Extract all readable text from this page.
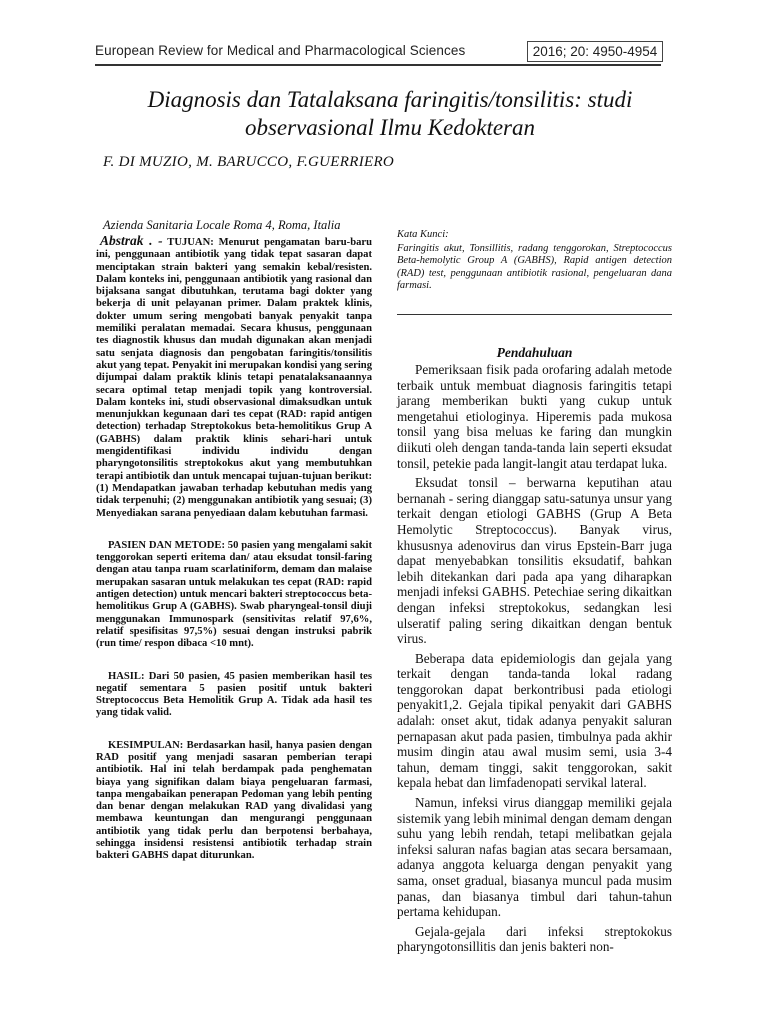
European Review for Medical and Pharmacological Sciences	2016; 20: 4950-4954
Diagnosis dan Tatalaksana faringitis/tonsilitis: studi observasional Ilmu Kedokteran
F. DI MUZIO, M. BARUCCO, F.GUERRIERO
Azienda Sanitaria Locale Roma 4, Roma, Italia

Abstrak . - TUJUAN: Menurut pengamatan baru-baru ini, penggunaan antibiotik yang tidak tepat sasaran dapat menciptakan strain bakteri yang semakin kebal/resisten. Dalam konteks ini, penggunaan antibiotik yang rasional dan bijaksana sangat dibutuhkan, terutama bagi dokter yang bekerja di unit pelayanan primer. Dalam praktek klinis, dokter umum sering mengobati banyak penyakit tanpa memiliki peralatan memadai. Secara khusus, penggunaan tes diagnostik khusus dan mudah digunakan akan menjadi satu senjata diagnosis dan pengobatan faringitis/tonsilitis akut yang tepat. Penyakit ini merupakan kondisi yang sering dijumpai dalam praktik klinis tetapi penatalaksanaannya secara optimal tetap menjadi topik yang kontroversial. Dalam konteks ini, studi observasional dimaksudkan untuk menunjukkan kegunaan dari tes cepat (RAD: rapid antigen detection) terhadap Streptokokus beta-hemolitikus Grup A (GABHS) dalam praktik klinis sehari-hari untuk mengidentifikasi individu individu dengan pharyngotonsilitis streptokokus akut yang membutuhkan terapi antibiotik dan untuk mencapai tujuan-tujuan berikut: (1) Mendapatkan jawaban terhadap kebutuhan medis yang tidak terpenuhi; (2) menggunakan antibiotik yang sesuai; (3) Menyediakan sarana penyediaan dalam kebutuhan farmasi.

PASIEN DAN METODE: 50 pasien yang mengalami sakit tenggorokan seperti eritema dan/ atau eksudat tonsil-faring dengan atau tanpa ruam scarlatiniform, demam dan malaise merupakan sasaran untuk melakukan tes cepat (RAD: rapid antigen detection) untuk mencari bakteri streptococcus beta-hemolitikus Grup A (GABHS). Swab pharyngeal-tonsil diuji menggunakan Immunospark (sensitivitas relatif 97,6%, relatif spesifisitas 97,5%) sesuai dengan instruksi pabrik (run time/ respon dibaca <10 mnt).

HASIL: Dari 50 pasien, 45 pasien memberikan hasil tes negatif sementara 5 pasien positif untuk bakteri Streptococcus Beta Hemolitik Grup A. Tidak ada hasil tes yang tidak valid.

KESIMPULAN: Berdasarkan hasil, hanya pasien dengan RAD positif yang menjadi sasaran pemberian terapi antibiotik. Hal ini telah berdampak pada penghematan biaya yang signifikan dalam biaya pengeluaran farmasi, tanpa mengabaikan penerapan Pedoman yang lebih penting dan benar dengan melakukan RAD yang divalidasi yang membawa keuntungan dan mengurangi penggunaan antibiotik yang tidak perlu dan berpotensi berbahaya, sehingga insidensi resistensi antibiotik terhadap strain bakteri GABHS dapat diturunkan.

Kata Kunci:
Faringitis akut, Tonsillitis, radang tenggorokan, Streptococcus Beta-hemolytic Group A (GABHS), Rapid antigen detection (RAD) test, penggunaan antibiotik rasional, pengeluaran dana farmasi.
Pendahuluan

Pemeriksaan fisik pada orofaring adalah metode terbaik untuk membuat diagnosis faringitis tetapi jarang memberikan bukti yang cukup untuk mengetahui etiologinya. Hiperemis pada mukosa tonsil yang bisa meluas ke faring dan mungkin diikuti oleh dengan tanda-tanda lain seperti eksudat tonsil, petekie pada langit-langit atau terdapat luka.

Eksudat tonsil – berwarna keputihan atau bernanah - sering dianggap satu-satunya unsur yang terkait dengan etiologi GABHS (Grup A Beta Hemolytic Streptococcus). Banyak virus, khususnya adenovirus dan virus Epstein-Barr juga dapat menyebabkan tonsilitis eksudatif, bahkan lebih ditekankan dari pada apa yang diharapkan menjadi infeksi GABHS. Petechiae sering dikaitkan dengan infeksi streptokokus, sedangkan lesi ulseratif paling sering dikaitkan dengan bentuk virus.

Beberapa data epidemiologis dan gejala yang terkait dengan tanda-tanda lokal radang tenggorokan dapat berkontribusi pada etiologi penyakit1,2. Gejala tipikal penyakit dari GABHS adalah: onset akut, tidak adanya penyakit saluran pernapasan akut pada pasien, timbulnya pada akhir musim dingin atau awal musim semi, usia 3-4 tahun, demam tinggi, sakit tenggorokan, sakit kepala hebat dan limfadenopati servikal lateral.

Namun, infeksi virus dianggap memiliki gejala sistemik yang lebih minimal dengan demam dengan suhu yang lebih rendah, tetapi melibatkan gejala infeksi saluran nafas bagian atas secara bersamaan, adanya anggota keluarga dengan penyakit yang sama, onset gradual, biasanya muncul pada musim panas, dan biasanya timbul dari tahun-tahun pertama kehidupan.

Gejala-gejala dari infeksi streptokokus pharyngotonsillitis dan jenis bakteri non-
